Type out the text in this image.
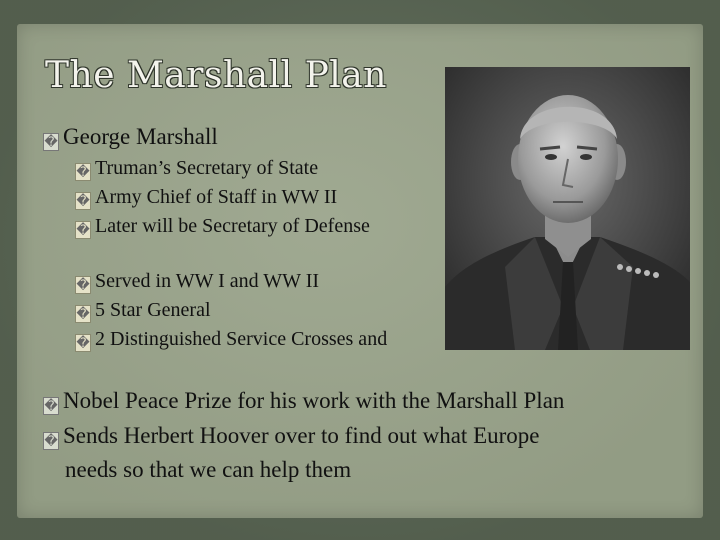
The Marshall Plan
� George Marshall
� Truman’s Secretary of State
� Army Chief of Staff in WW II
� Later will be Secretary of Defense
� Served in WW I and WW II
� 5 Star General
� 2 Distinguished Service Crosses and
� Nobel Peace Prize for his work with the Marshall Plan
� Sends Herbert Hoover over to find out what Europe
needs so that we can help them
